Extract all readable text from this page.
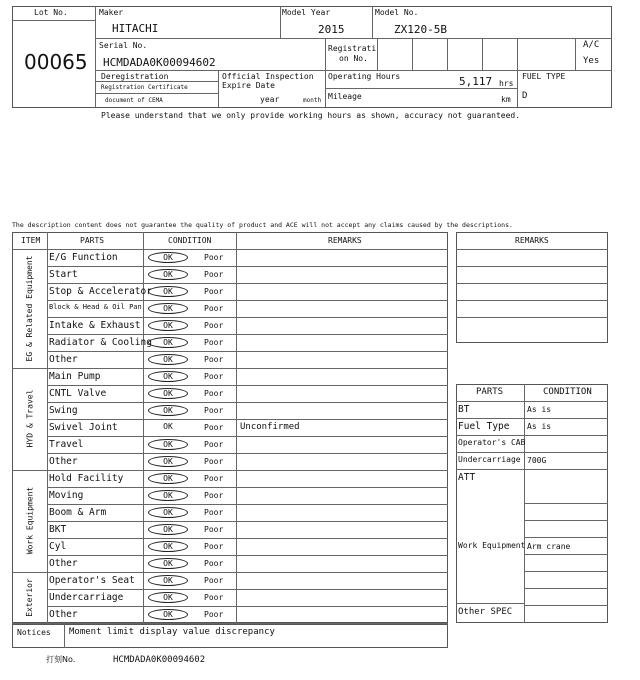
Lot No.
00065
Maker
HITACHI
Model Year
2015
Model No.
ZX120-5B
Serial No.
HCMDADA0K00094602
Registrati
on No.
A/C
Yes
Deregistration
Registration Certificate
document of CEMA
Official Inspection
Expire Date
year	month
Operating Hours	5,117 hrs
Mileage	km
FUEL TYPE
D
Please understand that we only provide working hours as shown, accuracy not guaranteed.
The description content does not guarantee the quality of product and ACE will not accept any claims caused by the descriptions.
ITEM	PARTS	CONDITION	REMARKS
E/G Function	OK	Poor
Start	OK	Poor
Stop & Accelerator	OK	Poor
Block & Head & Oil Pan	OK	Poor
Intake & Exhaust	OK	Poor
Radiator & Cooling	OK	Poor
Other	OK	Poor
EG & Related Equipment
Main Pump	OK	Poor
CNTL Valve	OK	Poor
Swing	OK	Poor
Swivel Joint	OK	Poor Unconfirmed
Travel	OK	Poor
Other	OK	Poor
HYD & Travel
Hold Facility	OK	Poor
Moving	OK	Poor
Boom & Arm	OK	Poor
BKT	OK	Poor
Cyl	OK	Poor
Other	OK	Poor
Work Equipment
Operator's Seat	OK	Poor
Undercarriage	OK	Poor
Other	OK	Poor
Exterior
REMARKS
PARTS	CONDITION
BT	As is
Fuel Type As is
Operator's CAB
Undercarriage 700G
ATT
Work Equipment Arm crane
Other SPEC
Notices Moment limit display value discrepancy
打刻No.	HCMDADA0K00094602
